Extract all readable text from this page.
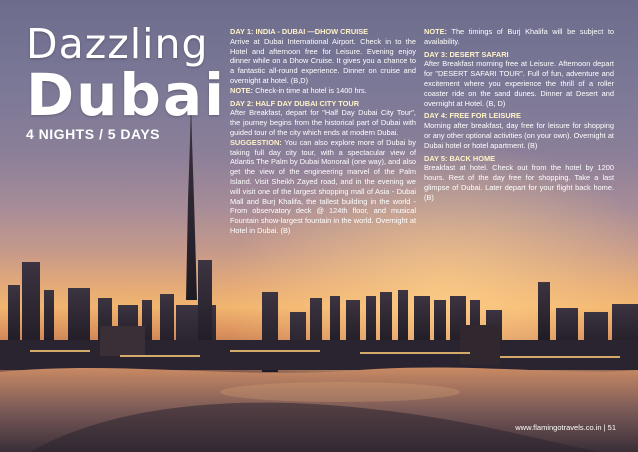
Dazzling
Dubai
4 NIGHTS / 5 DAYS
DAY 1: INDIA - DUBAI —DHOW CRUISE
Arrive at Dubai International Airport. Check in to the Hotel and afternoon free for Leisure. Evening enjoy dinner while on a Dhow Cruise. It gives you a chance to a fantastic all-round experience. Dinner on cruise and overnight at hotel. (B,D)
NOTE: Check-in time at hotel is 1400 hrs.
DAY 2: HALF DAY DUBAI CITY TOUR
After Breakfast, depart for "Half Day Dubai City Tour", the journey begins from the historical part of Dubai with guided tour of the city which ends at modern Dubai.
SUGGESTION: You can also explore more of Dubai by taking full day city tour, with a spectacular view of Atlantis The Palm by Dubai Monorail (one way), and also get the view of the engineering marvel of the Palm Island. Visit Sheikh Zayed road, and in the evening we will visit one of the largest shopping mall of Asia - Dubai Mall and Burj Khalifa, the tallest building in the world - From observatory deck @ 124th floor, and musical Fountain show-largest fountain in the world. Overnight at Hotel in Dubai. (B)
NOTE: The timings of Burj Khalifa will be subject to availability.
DAY 3: DESERT SAFARI
After Breakfast morning free at Leisure. Afternoon depart for "DESERT SAFARI TOUR". Full of fun, adventure and excitement where you experience the thrill of a roller coaster ride on the sand dunes. Dinner at Desert and overnight at Hotel. (B, D)
DAY 4: FREE FOR LEISURE
Morning after breakfast, day free for leisure for shopping or any other optional activities (on your own). Overnight at Dubai hotel or hotel apartment. (B)
DAY 5: BACK HOME
Breakfast at hotel. Check out from the hotel by 1200 hours. Rest of the day free for shopping. Take a last glimpse of Dubai. Later depart for your flight back home. (B)
www.flamingotravels.co.in | 51
